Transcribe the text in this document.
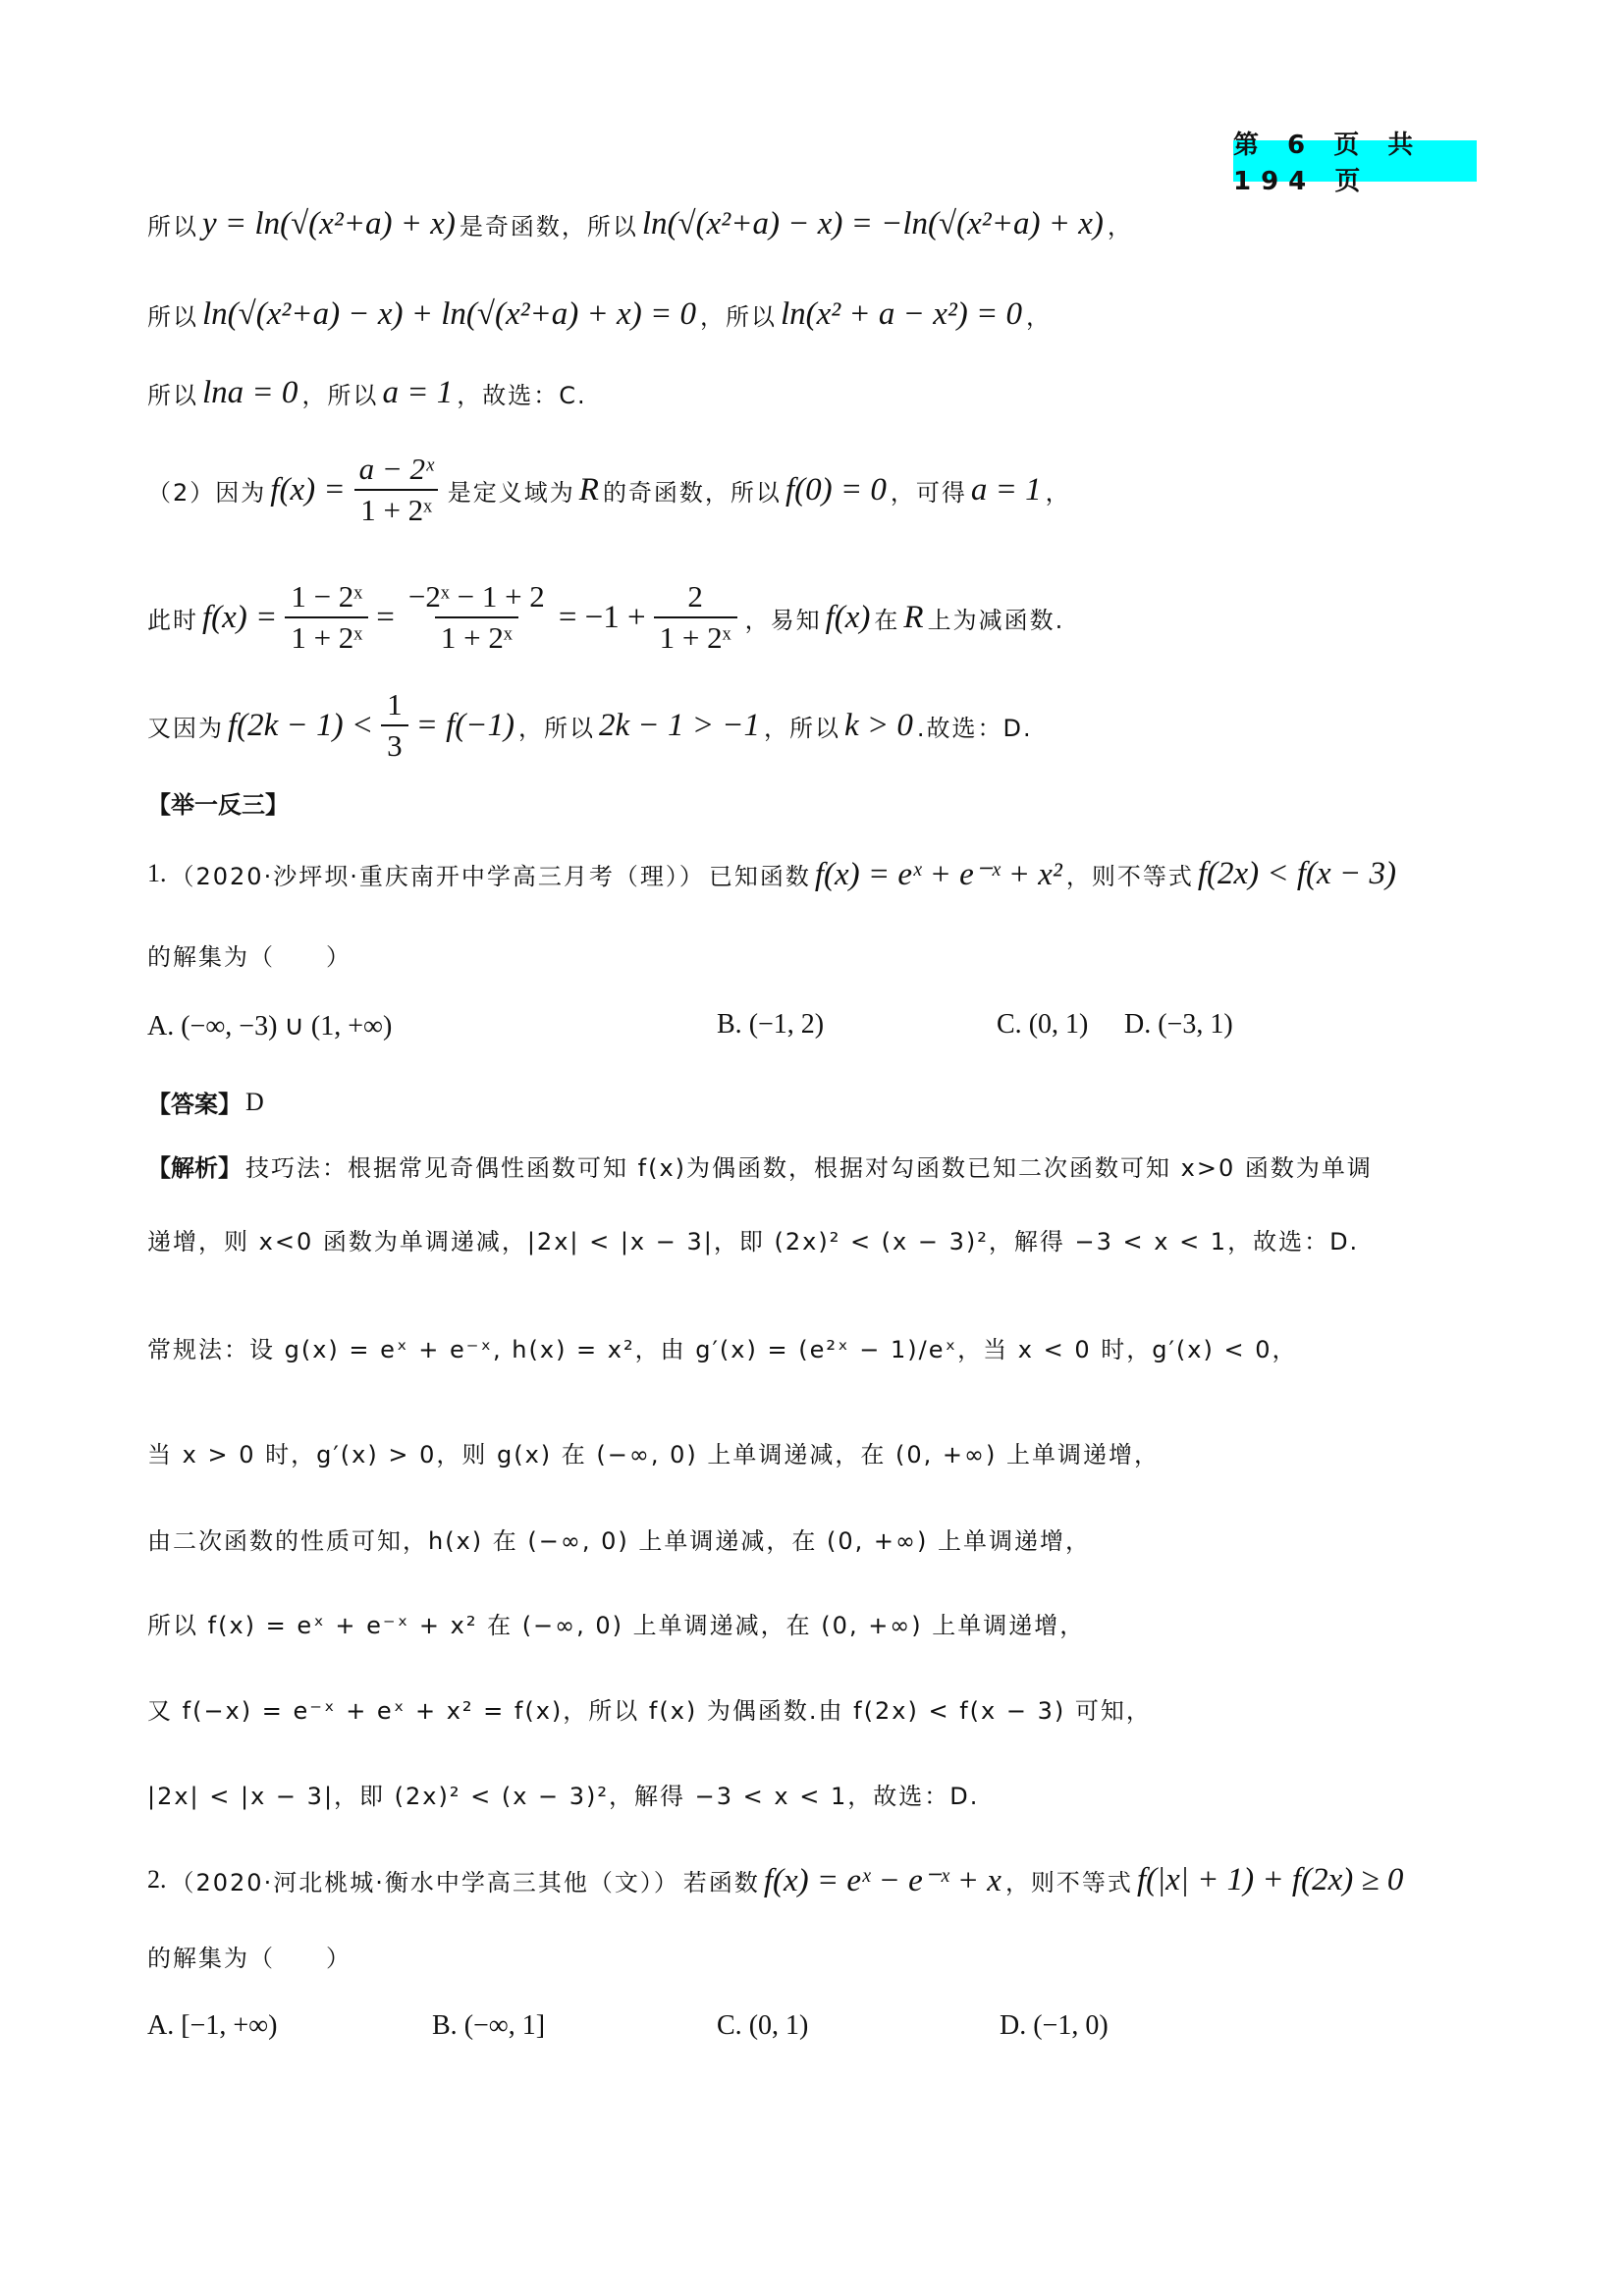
第 6 页 共 194 页
所以 y = ln(√(x²+a) + x) 是奇函数，所以 ln(√(x²+a) − x) = −ln(√(x²+a) + x) ，
所以 ln(√(x²+a) − x) + ln(√(x²+a) + x) = 0 ，所以 ln(x² + a − x²) = 0 ，
所以 lna = 0 ，所以 a = 1 ，故选：C.
（2）因为 $f(x) = \frac{\text{a − 2ˣ}}{\text{1 + 2ˣ}}$ 是定义域为 R 的奇函数，所以 f(0) = 0 ，可得 a = 1 ，
此时 $f(x) = \frac{\text{1 − 2ˣ}}{\text{1 + 2ˣ}} = \frac{\text{−2ˣ − 1 + 2}}{\text{1 + 2ˣ}} = -1 + \frac{2}{\text{1 + 2ˣ}}$ ，易知 f(x) 在 R 上为减函数.
又因为 $f(2k - 1) < \frac{1}{3} = f(-1)$ ，所以 2k − 1 > −1 ，所以 k > 0 .故选：D.
【举一反三】
1. （2020·沙坪坝·重庆南开中学高三月考（理）） 已知函数 f(x) = eˣ + e⁻ˣ + x² ，则不等式 f(2x) < f(x − 3)
的解集为（　　）
A. (−∞, −3) ∪ (1, +∞)	B. (−1, 2)	C. (0, 1) D. (−3, 1)
【答案】 D
【解析】 技巧法：根据常见奇偶性函数可知 f(x)为偶函数，根据对勾函数已知二次函数可知 x>0 函数为单调
递增，则 x<0 函数为单调递减，|2x| < |x − 3|，即 (2x)² < (x − 3)²，解得 −3 < x < 1，故选：D.
常规法：设 g(x) = eˣ + e⁻ˣ, h(x) = x²，由 g′(x) = (e²ˣ − 1)/eˣ，当 x < 0 时，g′(x) < 0，
当 x > 0 时，g′(x) > 0，则 g(x) 在 (−∞, 0) 上单调递减，在 (0, +∞) 上单调递增，
由二次函数的性质可知，h(x) 在 (−∞, 0) 上单调递减，在 (0, +∞) 上单调递增，
所以 f(x) = eˣ + e⁻ˣ + x² 在 (−∞, 0) 上单调递减，在 (0, +∞) 上单调递增，
又 f(−x) = e⁻ˣ + eˣ + x² = f(x)，所以 f(x) 为偶函数.由 f(2x) < f(x − 3) 可知，
|2x| < |x − 3|，即 (2x)² < (x − 3)²，解得 −3 < x < 1，故选：D.
2. （2020·河北桃城·衡水中学高三其他（文）） 若函数 f(x) = eˣ − e⁻ˣ + x ，则不等式 f(|x| + 1) + f(2x) ≥ 0
的解集为（　　）
A. [−1, +∞)	B. (−∞, 1]	C. (0, 1)	D. (−1, 0)
